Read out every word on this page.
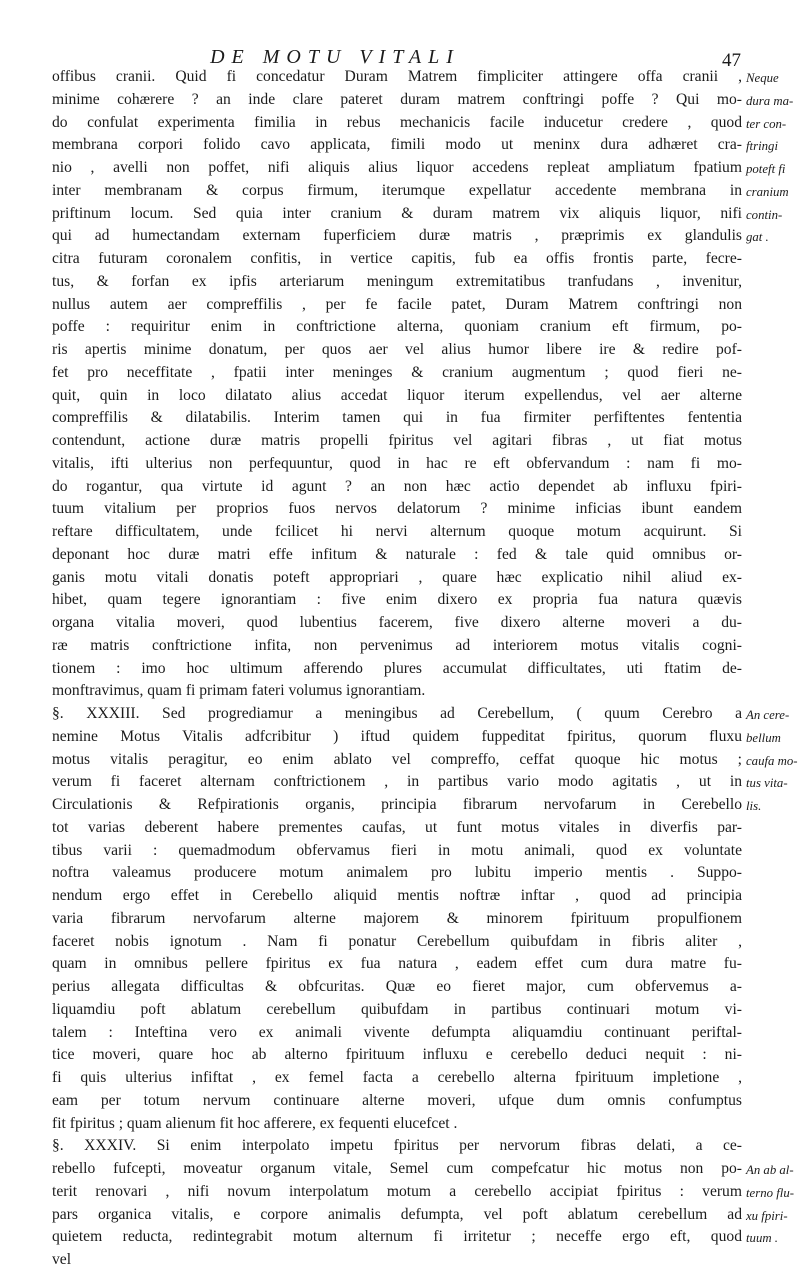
DE MOTU VITALI	47
offibus cranii. Quid fi concedatur Duram Matrem fimpliciter attingere offa cranii ,
minime cohærere ? an inde clare pateret duram matrem conftringi poffe ? Qui mo-
do confulat experimenta fimilia in rebus mechanicis facile inducetur credere , quod
membrana corpori folido cavo applicata, fimili modo ut meninx dura adhæret cra-
nio , avelli non poffet, nifi aliquis alius liquor accedens repleat ampliatum fpatium
inter membranam & corpus firmum, iterumque expellatur accedente membrana in
priftinum locum. Sed quia inter cranium & duram matrem vix aliquis liquor, nifi
qui ad humectandam externam fuperficiem duræ matris , præprimis ex glandulis
citra futuram coronalem confitis, in vertice capitis, fub ea offis frontis parte, fecre-
tus, & forfan ex ipfis arteriarum meningum extremitatibus tranfudans , invenitur,
nullus autem aer compreffilis , per fe facile patet, Duram Matrem conftringi non
poffe : requiritur enim in conftrictione alterna, quoniam cranium eft firmum, po-
ris apertis minime donatum, per quos aer vel alius humor libere ire & redire pof-
fet pro neceffitate , fpatii inter meninges & cranium augmentum ; quod fieri ne-
quit, quin in loco dilatato alius accedat liquor iterum expellendus, vel aer alterne
compreffilis & dilatabilis. Interim tamen qui in fua firmiter perfiftentes fententia
contendunt, actione duræ matris propelli fpiritus vel agitari fibras , ut fiat motus
vitalis, ifti ulterius non perfequuntur, quod in hac re eft obfervandum : nam fi mo-
do rogantur, qua virtute id agunt ? an non hæc actio dependet ab influxu fpiri-
tuum vitalium per proprios fuos nervos delatorum ? minime inficias ibunt eandem
reftare difficultatem, unde fcilicet hi nervi alternum quoque motum acquirunt. Si
deponant hoc duræ matri effe infitum & naturale : fed & tale quid omnibus or-
ganis motu vitali donatis poteft appropriari , quare hæc explicatio nihil aliud ex-
hibet, quam tegere ignorantiam : five enim dixero ex propria fua natura quævis
organa vitalia moveri, quod lubentius facerem, five dixero alterne moveri a du-
ræ matris conftrictione infita, non pervenimus ad interiorem motus vitalis cogni-
tionem : imo hoc ultimum afferendo plures accumulat difficultates, uti ftatim de-
monftravimus, quam fi primam fateri volumus ignorantiam.
§. XXXIII. Sed progrediamur a meningibus ad Cerebellum, ( quum Cerebro a
nemine Motus Vitalis adfcribitur ) iftud quidem fuppeditat fpiritus, quorum fluxu
motus vitalis peragitur, eo enim ablato vel compreffo, ceffat quoque hic motus ;
verum fi faceret alternam conftrictionem , in partibus vario modo agitatis , ut in
Circulationis & Refpirationis organis, principia fibrarum nervofarum in Cerebello
tot varias deberent habere prementes caufas, ut funt motus vitales in diverfis par-
tibus varii : quemadmodum obfervamus fieri in motu animali, quod ex voluntate
noftra valeamus producere motum animalem pro lubitu imperio mentis . Suppo-
nendum ergo effet in Cerebello aliquid mentis noftræ inftar , quod ad principia
varia fibrarum nervofarum alterne majorem & minorem fpirituum propulfionem
faceret nobis ignotum . Nam fi ponatur Cerebellum quibufdam in fibris aliter ,
quam in omnibus pellere fpiritus ex fua natura , eadem effet cum dura matre fu-
perius allegata difficultas & obfcuritas. Quæ eo fieret major, cum obfervemus a-
liquamdiu poft ablatum cerebellum quibufdam in partibus continuari motum vi-
talem : Inteftina vero ex animali vivente defumpta aliquamdiu continuant periftal-
tice moveri, quare hoc ab alterno fpirituum influxu e cerebello deduci nequit : ni-
fi quis ulterius infiftat , ex femel facta a cerebello alterna fpirituum impletione ,
eam per totum nervum continuare alterne moveri, ufque dum omnis confumptus
fit fpiritus ; quam alienum fit hoc afferere, ex fequenti elucefcet .
§. XXXIV. Si enim interpolato impetu fpiritus per nervorum fibras delati, a ce-
rebello fufcepti, moveatur organum vitale, Semel cum compefcatur hic motus non po-
terit renovari , nifi novum interpolatum motum a cerebello accipiat fpiritus : verum
pars organica vitalis, e corpore animalis defumpta, vel poft ablatum cerebellum ad
quietem reducta, redintegrabit motum alternum fi irritetur ; neceffe ergo eft, quod
vel
Neque
dura ma-
ter con-
ftringi
poteft fi
cranium
contin-
gat .
An cere-
bellum
caufa mo-
tus vita-
lis.
An ab al-
terno flu-
xu fpiri-
tuum .
